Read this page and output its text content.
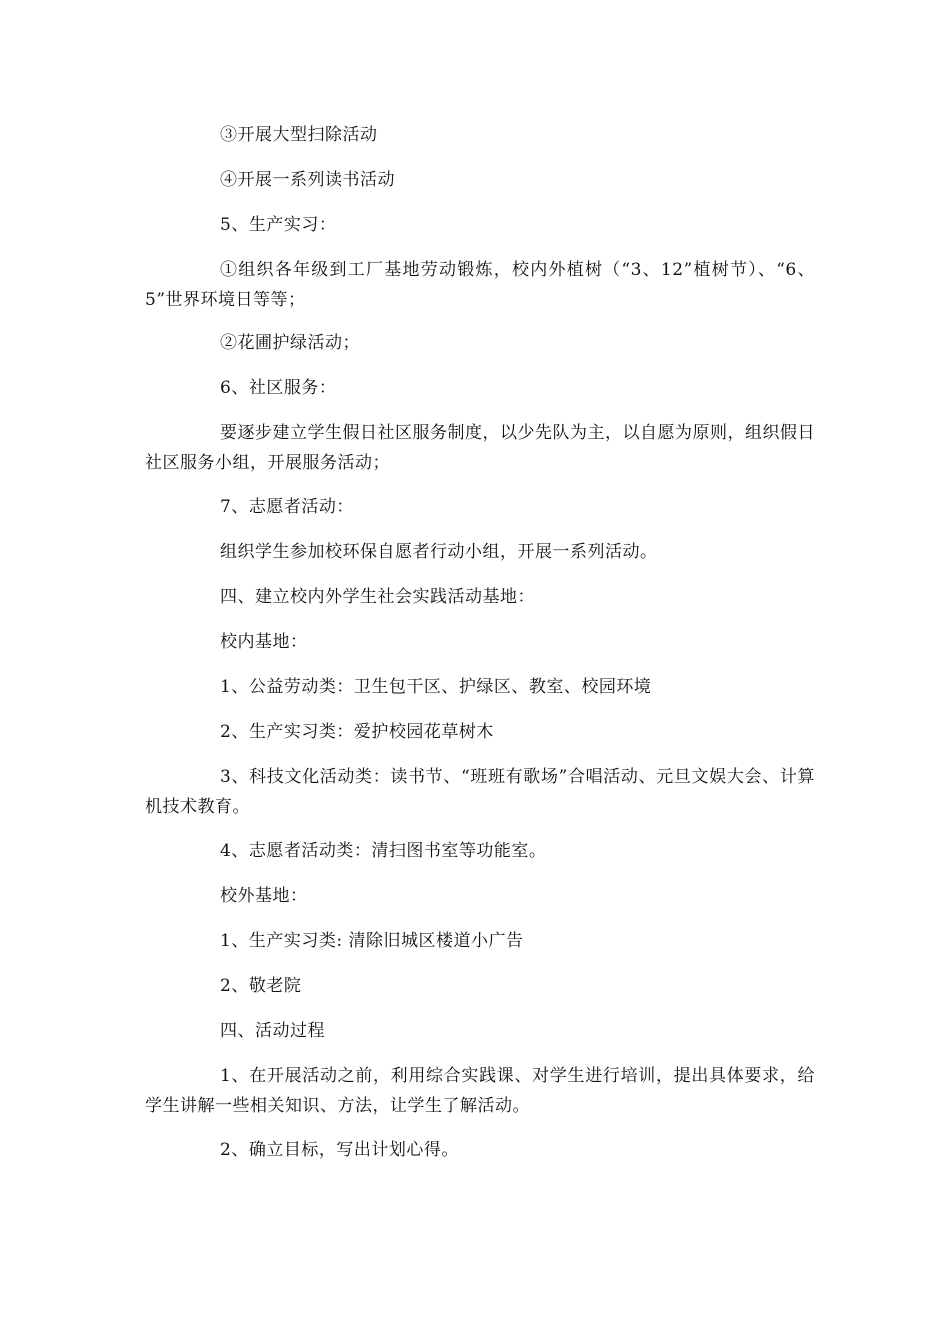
③开展大型扫除活动

④开展一系列读书活动

5、生产实习：

①组织各年级到工厂基地劳动锻炼，校内外植树（“3、12”植树节）、“6、5”世界环境日等等；

②花圃护绿活动；

6、社区服务：

要逐步建立学生假日社区服务制度，以少先队为主，以自愿为原则，组织假日社区服务小组，开展服务活动；

7、志愿者活动：

组织学生参加校环保自愿者行动小组，开展一系列活动。

四、建立校内外学生社会实践活动基地：

校内基地：

1、公益劳动类：卫生包干区、护绿区、教室、校园环境

2、生产实习类：爱护校园花草树木

3、科技文化活动类：读书节、“班班有歌场”合唱活动、元旦文娱大会、计算机技术教育。

4、志愿者活动类：清扫图书室等功能室。

校外基地：

1、生产实习类: 清除旧城区楼道小广告

2、敬老院

四、活动过程

1、在开展活动之前，利用综合实践课、对学生进行培训，提出具体要求，给学生讲解一些相关知识、方法，让学生了解活动。

2、确立目标，写出计划心得。
